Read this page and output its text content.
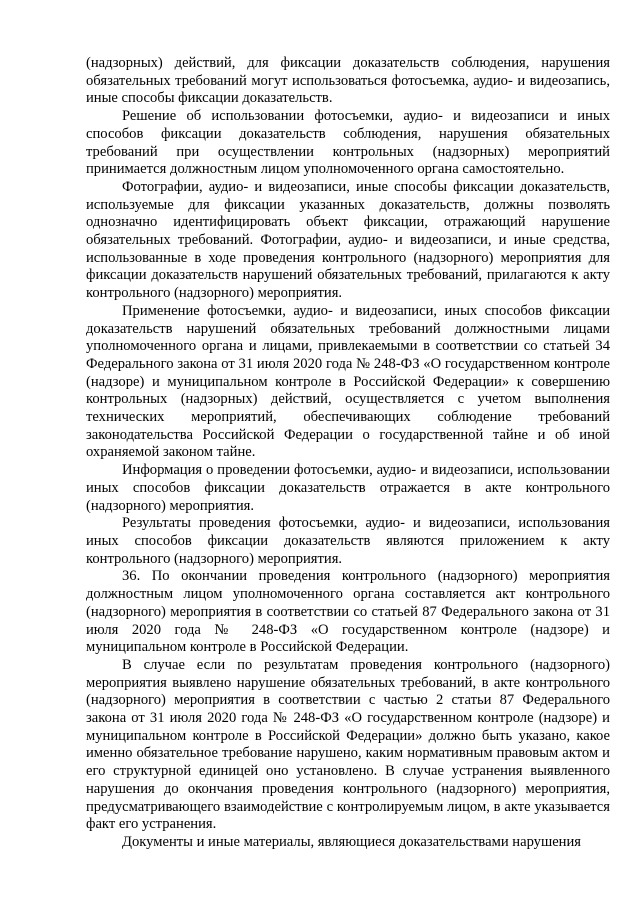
(надзорных) действий, для фиксации доказательств соблюдения, нарушения обязательных требований могут использоваться фотосъемка, аудио- и видеозапись, иные способы фиксации доказательств.

Решение об использовании фотосъемки, аудио- и видеозаписи и иных способов фиксации доказательств соблюдения, нарушения обязательных требований при осуществлении контрольных (надзорных) мероприятий принимается должностным лицом уполномоченного органа самостоятельно.

Фотографии, аудио- и видеозаписи, иные способы фиксации доказательств, используемые для фиксации указанных доказательств, должны позволять однозначно идентифицировать объект фиксации, отражающий нарушение обязательных требований. Фотографии, аудио- и видеозаписи, и иные средства, использованные в ходе проведения контрольного (надзорного) мероприятия для фиксации доказательств нарушений обязательных требований, прилагаются к акту контрольного (надзорного) мероприятия.

Применение фотосъемки, аудио- и видеозаписи, иных способов фиксации доказательств нарушений обязательных требований должностными лицами уполномоченного органа и лицами, привлекаемыми в соответствии со статьей 34 Федерального закона от 31 июля 2020 года № 248-ФЗ «О государственном контроле (надзоре) и муниципальном контроле в Российской Федерации» к совершению контрольных (надзорных) действий, осуществляется с учетом выполнения технических мероприятий, обеспечивающих соблюдение требований законодательства Российской Федерации о государственной тайне и об иной охраняемой законом тайне.

Информация о проведении фотосъемки, аудио- и видеозаписи, использовании иных способов фиксации доказательств отражается в акте контрольного (надзорного) мероприятия.

Результаты проведения фотосъемки, аудио- и видеозаписи, использования иных способов фиксации доказательств являются приложением к акту контрольного (надзорного) мероприятия.

36. По окончании проведения контрольного (надзорного) мероприятия должностным лицом уполномоченного органа составляется акт контрольного (надзорного) мероприятия в соответствии со статьей 87 Федерального закона от 31 июля 2020 года № 248-ФЗ «О государственном контроле (надзоре) и муниципальном контроле в Российской Федерации.

В случае если по результатам проведения контрольного (надзорного) мероприятия выявлено нарушение обязательных требований, в акте контрольного (надзорного) мероприятия в соответствии с частью 2 статьи 87 Федерального закона от 31 июля 2020 года № 248-ФЗ «О государственном контроле (надзоре) и муниципальном контроле в Российской Федерации» должно быть указано, какое именно обязательное требование нарушено, каким нормативным правовым актом и его структурной единицей оно установлено. В случае устранения выявленного нарушения до окончания проведения контрольного (надзорного) мероприятия, предусматривающего взаимодействие с контролируемым лицом, в акте указывается факт его устранения.

Документы и иные материалы, являющиеся доказательствами нарушения
